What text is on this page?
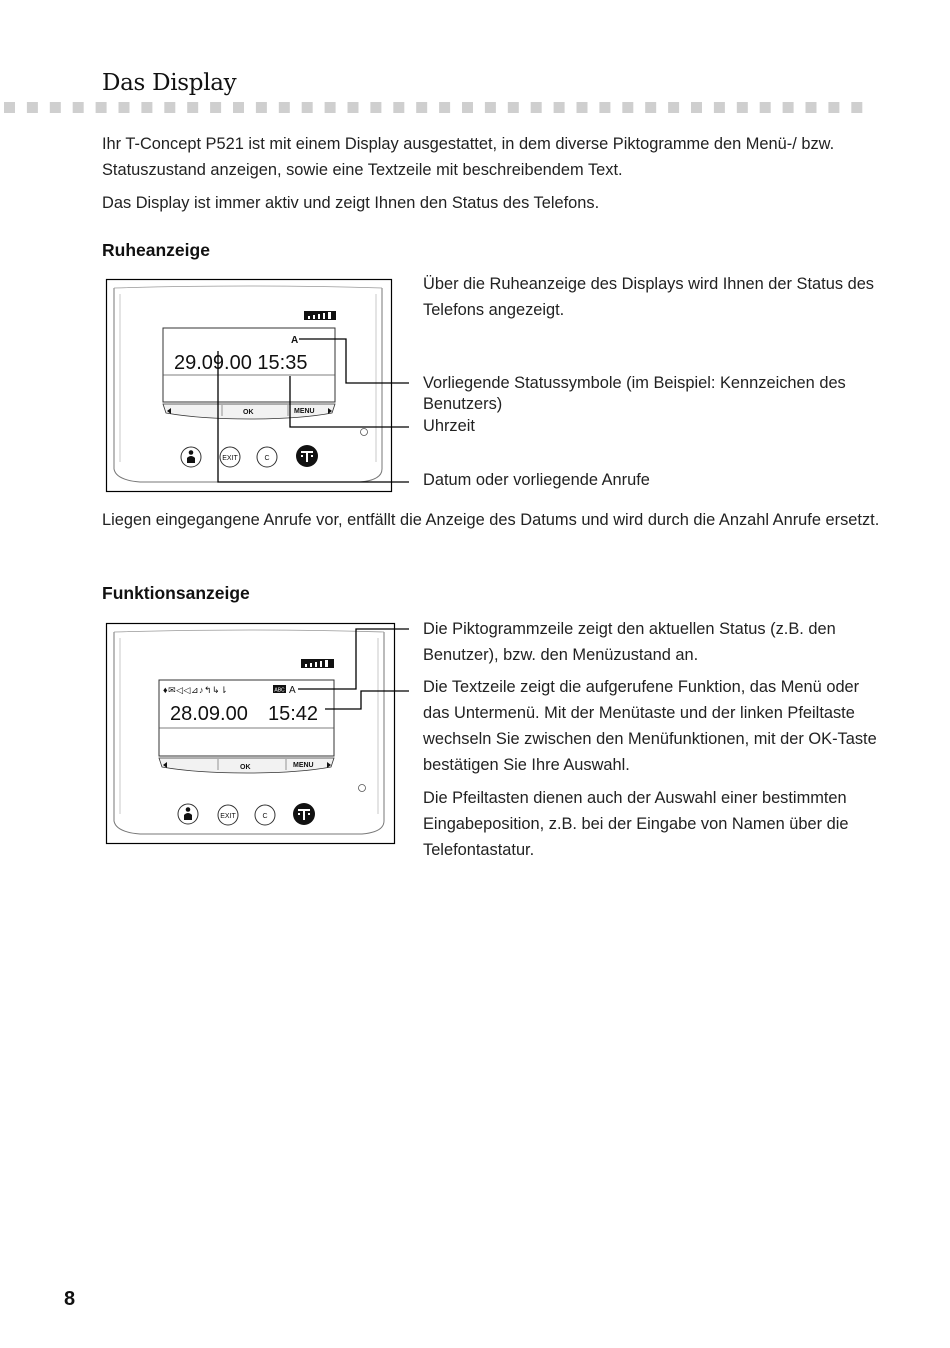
Das Display

Ihr T-Concept P521 ist mit einem Display ausgestattet, in dem diverse Piktogramme den Menü-/ bzw. Statuszustand anzeigen, sowie eine Textzeile mit beschreibendem Text.

Das Display ist immer aktiv und zeigt Ihnen den Status des Telefons.

Ruheanzeige
A
29.09.00 15:35
OK	MENU
EXIT	C

Über die Ruheanzeige des Displays wird Ihnen der Status des Telefons angezeigt.

Vorliegende Statussymbole (im Beispiel: Kennzeichen des Benutzers)

Uhrzeit

Datum oder vorliegende Anrufe

Liegen eingegangene Anrufe vor, entfällt die Anzeige des Datums und wird durch die Anzahl Anrufe ersetzt.

Funktionsanzeige
♦✉◁◁⊿♪↰↳⇂	ABC A
28.09.00 15:42
OK	MENU
EXIT	C

Die Piktogrammzeile zeigt den aktuellen Status (z.B. den Benutzer), bzw. den Menüzustand an.

Die Textzeile zeigt die aufgerufene Funktion, das Menü oder das Untermenü. Mit der Menütaste und der linken Pfeiltaste wechseln Sie zwischen den Menüfunktionen, mit der OK-Taste bestätigen Sie Ihre Auswahl.

Die Pfeiltasten dienen auch der Auswahl einer bestimmten Eingabeposition, z.B. bei der Eingabe von Namen über die Telefontastatur.

8
